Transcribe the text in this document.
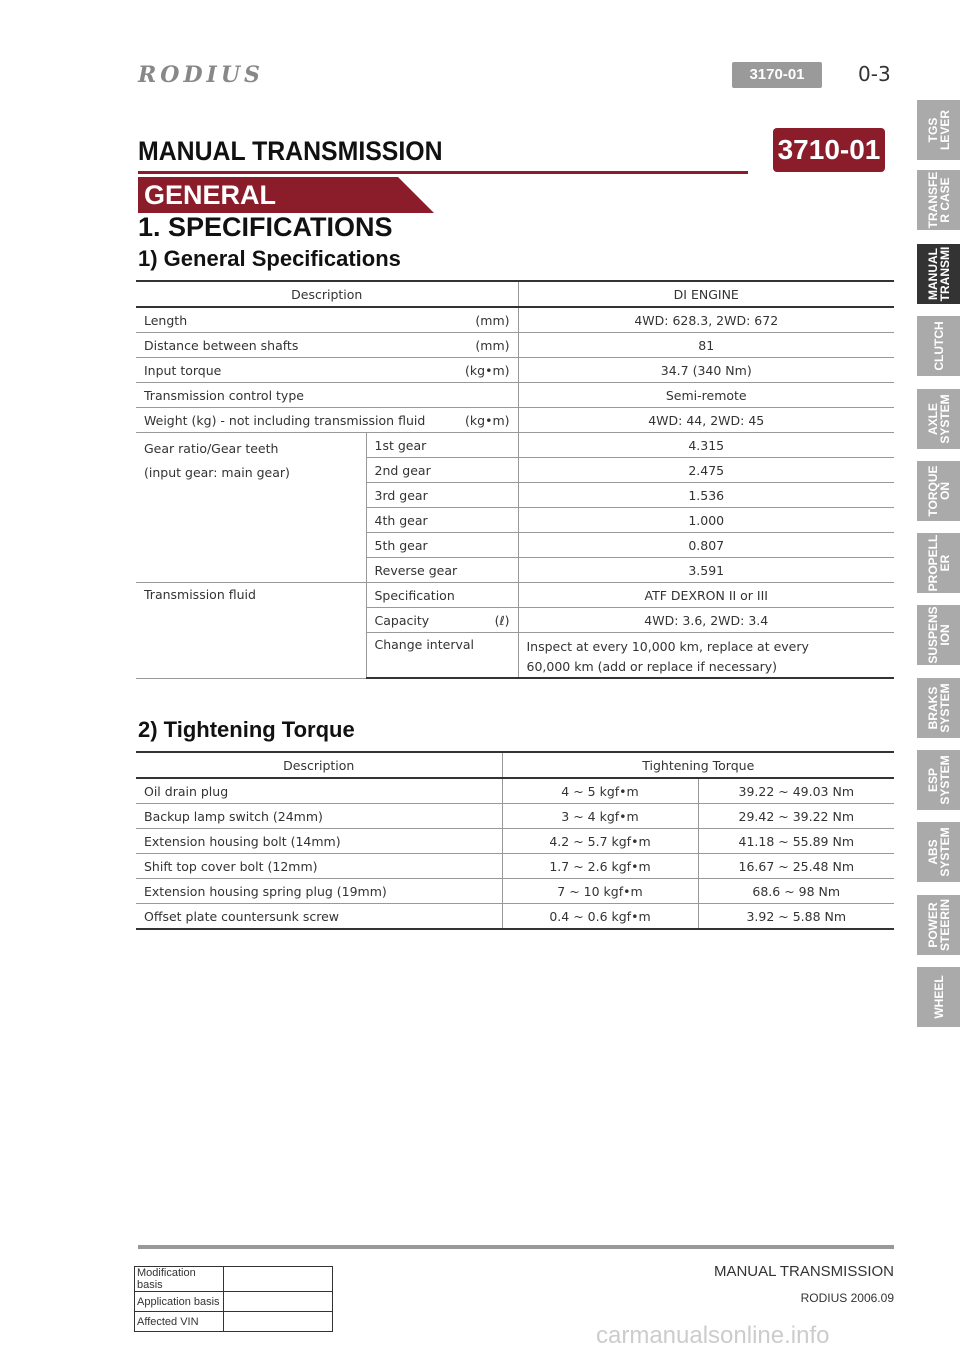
RODIUS	3170-01	0-3
MANUAL TRANSMISSION	3710-01
GENERAL
1. SPECIFICATIONS
1) General Specifications
Description		DI ENGINE

Length (mm)		4WD: 628.3, 2WD: 672

Distance between shafts (mm)		81

Input torque (kg•m)		34.7 (340 Nm)
Transmission control type		Semi-remote

Weight (kg) - not including transmission fluid (kg•m)		4WD: 44, 2WD: 45

Gear ratio/Gear teeth
(input gear: main gear)	1st gear	4.315
	2nd gear	2.475
	3rd gear	1.536
	4th gear	1.000
	5th gear	0.807
	Reverse gear	3.591
Transmission fluid	Specification	ATF DEXRON II or III

	Capacity (ℓ)	4WD: 3.6, 2WD: 3.4
	Change interval	Inspect at every 10,000 km, replace at every
60,000 km (add or replace if necessary)
2) Tightening Torque
Description	Tightening Torque	
Oil drain plug	4 ~ 5 kgf•m	39.22 ~ 49.03 Nm
Backup lamp switch (24mm)	3 ~ 4 kgf•m	29.42 ~ 39.22 Nm
Extension housing bolt (14mm)	4.2 ~ 5.7 kgf•m	41.18 ~ 55.89 Nm
Shift top cover bolt (12mm)	1.7 ~ 2.6 kgf•m	16.67 ~ 25.48 Nm
Extension housing spring plug (19mm)	7 ~ 10 kgf•m	68.6 ~ 98 Nm
Offset plate countersunk screw	0.4 ~ 0.6 kgf•m	3.92 ~ 5.88 Nm
TGS
LEVER
TRANSFE
R CASE
MANUAL
TRANSMI
CLUTCH
AXLE
SYSTEM
TORQUE
ON
PROPELL
ER
SUSPENS
ION
BRAKS
SYSTEM
ESP
SYSTEM
ABS
SYSTEM
POWER
STEERIN
WHEEL
MANUAL TRANSMISSION
RODIUS 2006.09
Modification basis	
Application basis	
Affected VIN	
carmanualsonline.info
